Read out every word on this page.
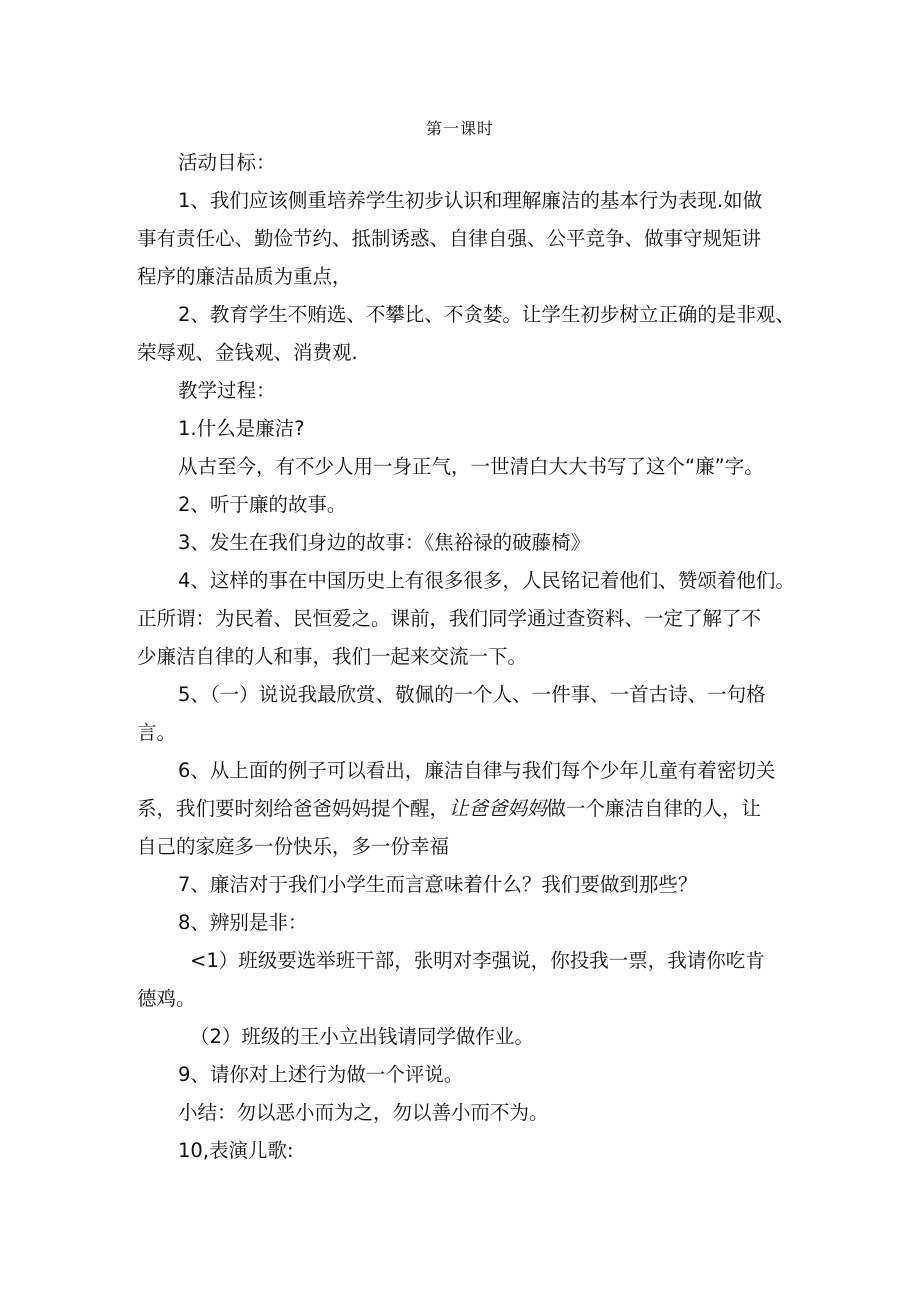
第一课时
活动目标：
1、我们应该侧重培养学生初步认识和理解廉洁的基本行为表现.如做
事有责任心、勤俭节约、抵制诱惑、自律自强、公平竞争、做事守规矩讲
程序的廉洁品质为重点，
2、教育学生不贿选、不攀比、不贪婪。让学生初步树立正确的是非观、
荣辱观、金钱观、消费观.
教学过程：
1.什么是廉洁?
从古至今，有不少人用一身正气，一世清白大大书写了这个“廉”字。
2、听于廉的故事。
3、发生在我们身边的故事：《焦裕禄的破藤椅》
4、这样的事在中国历史上有很多很多，人民铭记着他们、赞颂着他们。
正所谓：为民着、民恒爱之。课前，我们同学通过查资料、一定了解了不
少廉洁自律的人和事，我们一起来交流一下。
5、（一）说说我最欣赏、敬佩的一个人、一件事、一首古诗、一句格
言。
6、从上面的例子可以看出，廉洁自律与我们每个少年儿童有着密切关
系，我们要时刻给爸爸妈妈提个醒，让爸爸妈妈做一个廉洁自律的人，让
自己的家庭多一份快乐，多一份幸福
7、廉洁对于我们小学生而言意味着什么？我们要做到那些？
8、辨别是非：
<1）班级要选举班干部，张明对李强说，你投我一票，我请你吃肯
德鸡。
（2）班级的王小立出钱请同学做作业。
9、请你对上述行为做一个评说。
小结：勿以恶小而为之，勿以善小而不为。
10,表演儿歌:
